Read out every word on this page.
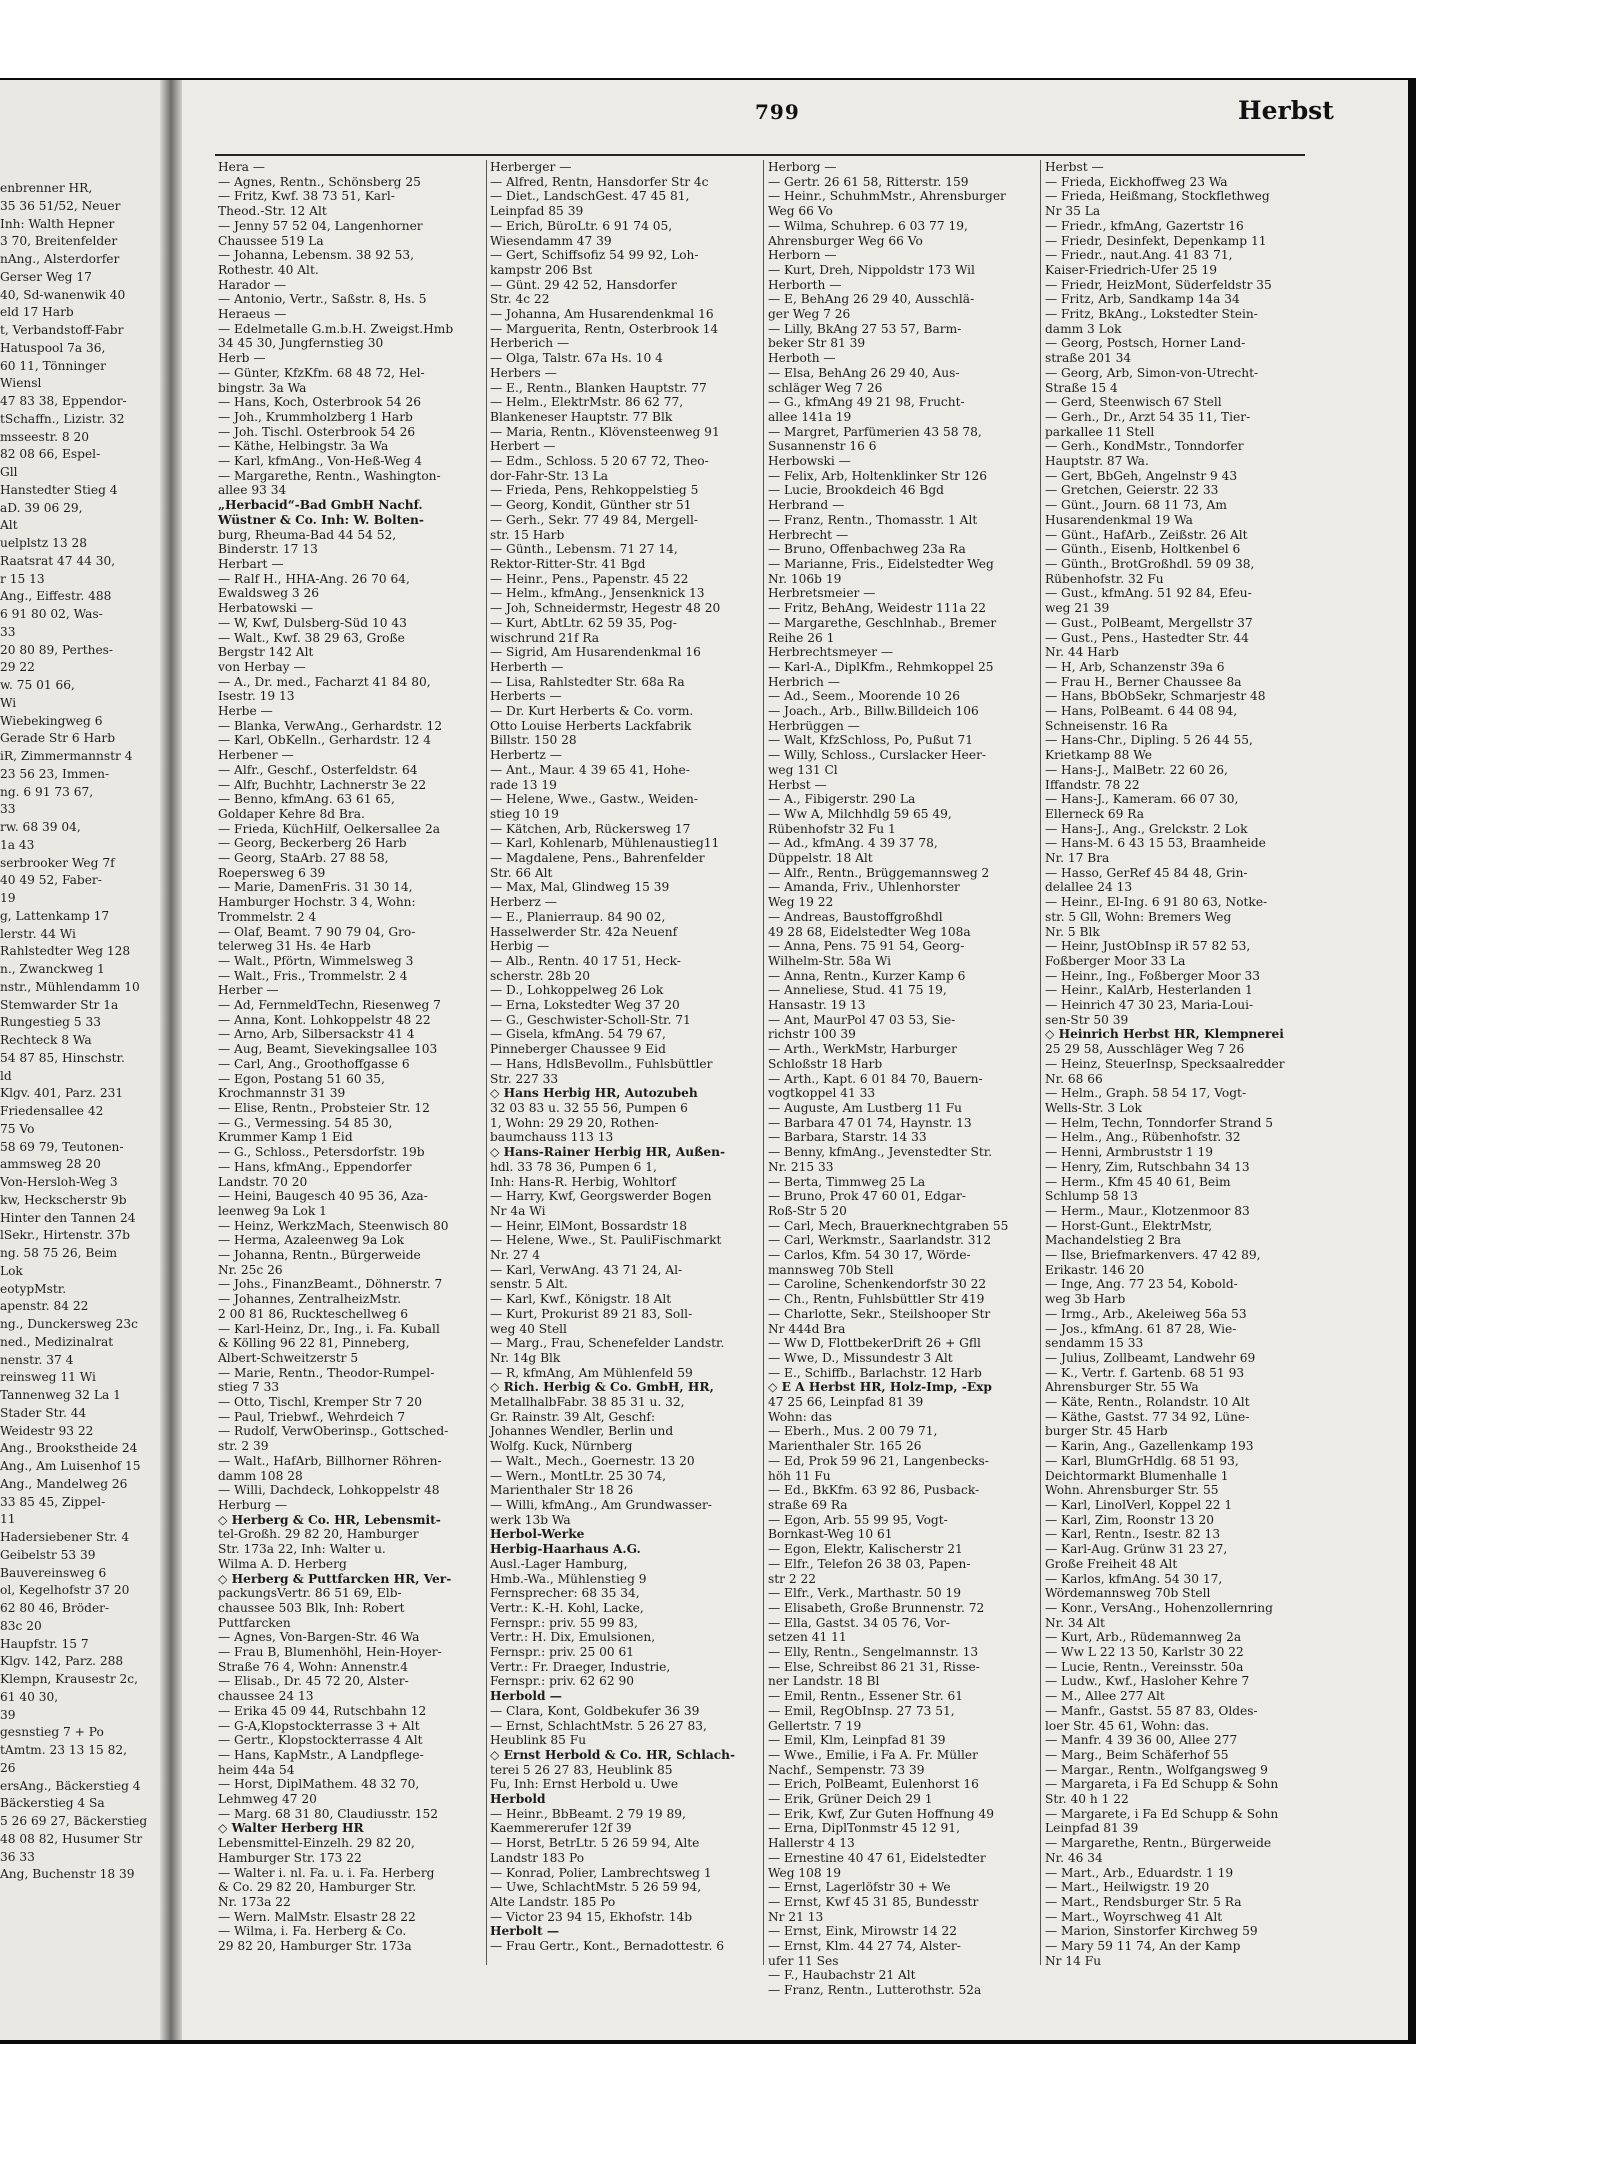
enbrenner HR,
35 36 51/52, Neuer
Inh: Walth Hepner
3 70, Breitenfelder
nAng., Alsterdorfer
Gerser Weg 17
40, Sd-wanenwik 40
eld 17 Harb
t, Verbandstoff-Fabr
Hatuspool 7a 36,
60 11, Tönninger
Wiensl
47 83 38, Eppendor-
tSchaffn., Lizistr. 32
msseestr. 8 20
82 08 66, Espel-
Gll
Hanstedter Stieg 4
aD. 39 06 29,
Alt
uelplstz 13 28
Raatsrat 47 44 30,
r 15 13
Ang., Eiffestr. 488
6 91 80 02, Was-
33
20 80 89, Perthes-
29 22
w. 75 01 66,
Wi
Wiebekingweg 6
Gerade Str 6 Harb
iR, Zimmermannstr 4
23 56 23, Immen-
ng. 6 91 73 67,
33
rw. 68 39 04,
1a 43
serbrooker Weg 7f
40 49 52, Faber-
19
g, Lattenkamp 17
lerstr. 44 Wi
Rahlstedter Weg 128
n., Zwanckweg 1
nstr., Mühlendamm 10
Stemwarder Str 1a
Rungestieg 5 33
Rechteck 8 Wa
54 87 85, Hinschstr.
ld
Klgv. 401, Parz. 231
Friedensallee 42
75 Vo
58 69 79, Teutonen-
ammsweg 28 20
Von-Hersloh-Weg 3
kw, Heckscherstr 9b
Hinter den Tannen 24
lSekr., Hirtenstr. 37b
ng. 58 75 26, Beim
Lok
eotypMstr.
apenstr. 84 22
ng., Dunckersweg 23c
ned., Medizinalrat
nenstr. 37 4
reinsweg 11 Wi
Tannenweg 32 La 1
Stader Str. 44
Weidestr 93 22
Ang., Brookstheide 24
Ang., Am Luisenhof 15
Ang., Mandelweg 26
33 85 45, Zippel-
11
Hadersiebener Str. 4
Geibelstr 53 39
Bauvereinsweg 6
ol, Kegelhofstr 37 20
62 80 46, Bröder-
83c 20
Haupfstr. 15 7
Klgv. 142, Parz. 288
Klempn, Krausestr 2c,
61 40 30,
39
gesnstieg 7 + Po
tAmtm. 23 13 15 82,
26
ersAng., Bäckerstieg 4
Bäckerstieg 4 Sa
5 26 69 27, Bäckerstieg
48 08 82, Husumer Str
36 33
Ang, Buchenstr 18 39
799	Herbst
Hera —
— Agnes, Rentn., Schönsberg 25
— Fritz, Kwf. 38 73 51, Karl-
Theod.-Str. 12 Alt
— Jenny 57 52 04, Langenhorner
Chaussee 519 La
— Johanna, Lebensm. 38 92 53,
Rothestr. 40 Alt.
Harador —
— Antonio, Vertr., Saßstr. 8, Hs. 5
Heraeus —
— Edelmetalle G.m.b.H. Zweigst.Hmb
34 45 30, Jungfernstieg 30
Herb —
— Günter, KfzKfm. 68 48 72, Hel-
bingstr. 3a Wa
— Hans, Koch, Osterbrook 54 26
— Joh., Krummholzberg 1 Harb
— Joh. Tischl. Osterbrook 54 26
— Käthe, Helbingstr. 3a Wa
— Karl, kfmAng., Von-Heß-Weg 4
— Margarethe, Rentn., Washington-
allee 93 34
„Herbacid“-Bad GmbH Nachf.
Wüstner & Co. Inh: W. Bolten-
burg, Rheuma-Bad 44 54 52,
Binderstr. 17 13
Herbart —
— Ralf H., HHA-Ang. 26 70 64,
Ewaldsweg 3 26
Herbatowski —
— W, Kwf, Dulsberg-Süd 10 43
— Walt., Kwf. 38 29 63, Große
Bergstr 142 Alt
von Herbay —
— A., Dr. med., Facharzt 41 84 80,
Isestr. 19 13
Herbe —
— Blanka, VerwAng., Gerhardstr. 12
— Karl, ObKelln., Gerhardstr. 12 4
Herbener —
— Alfr., Geschf., Osterfeldstr. 64
— Alfr, Buchhtr, Lachnerstr 3e 22
— Benno, kfmAng. 63 61 65,
Goldaper Kehre 8d Bra.
— Frieda, KüchHilf, Oelkersallee 2a
— Georg, Beckerberg 26 Harb
— Georg, StaArb. 27 88 58,
Roepersweg 6 39
— Marie, DamenFris. 31 30 14,
Hamburger Hochstr. 3 4, Wohn:
Trommelstr. 2 4
— Olaf, Beamt. 7 90 79 04, Gro-
telerweg 31 Hs. 4e Harb
— Walt., Pförtn, Wimmelsweg 3
— Walt., Fris., Trommelstr. 2 4
Herber —
— Ad, FernmeldTechn, Riesenweg 7
— Anna, Kont. Lohkoppelstr 48 22
— Arno, Arb, Silbersackstr 41 4
— Aug, Beamt, Sievekingsallee 103
— Carl, Ang., Groothoffgasse 6
— Egon, Postang 51 60 35,
Krochmannstr 31 39
— Elise, Rentn., Probsteier Str. 12
— G., Vermessing. 54 85 30,
Krummer Kamp 1 Eid
— G., Schloss., Petersdorfstr. 19b
— Hans, kfmAng., Eppendorfer
Landstr. 70 20
— Heini, Baugesch 40 95 36, Aza-
leenweg 9a Lok 1
— Heinz, WerkzMach, Steenwisch 80
— Herma, Azaleenweg 9a Lok
— Johanna, Rentn., Bürgerweide
Nr. 25c 26
— Johs., FinanzBeamt., Döhnerstr. 7
— Johannes, ZentralheizMstr.
2 00 81 86, Ruckteschellweg 6
— Karl-Heinz, Dr., Ing., i. Fa. Kuball
& Kölling 96 22 81, Pinneberg,
Albert-Schweitzerstr 5
— Marie, Rentn., Theodor-Rumpel-
stieg 7 33
— Otto, Tischl, Kremper Str 7 20
— Paul, Triebwf., Wehrdeich 7
— Rudolf, VerwOberinsp., Gottsched-
str. 2 39
— Walt., HafArb, Billhorner Röhren-
damm 108 28
— Willi, Dachdeck, Lohkoppelstr 48
Herburg —
◇ Herberg & Co. HR, Lebensmit-
tel-Großh. 29 82 20, Hamburger
Str. 173a 22, Inh: Walter u.
Wilma A. D. Herberg
◇ Herberg & Puttfarcken HR, Ver-
packungsVertr. 86 51 69, Elb-
chaussee 503 Blk, Inh: Robert
Puttfarcken
— Agnes, Von-Bargen-Str. 46 Wa
— Frau B, Blumenhöhl, Hein-Hoyer-
Straße 76 4, Wohn: Annenstr.4
— Elisab., Dr. 45 72 20, Alster-
chaussee 24 13
— Erika 45 09 44, Rutschbahn 12
— G-A,Klopstockterrasse 3 + Alt
— Gertr., Klopstockterrasse 4 Alt
— Hans, KapMstr., A Landpflege-
heim 44a 54
— Horst, DiplMathem. 48 32 70,
Lehmweg 47 20
— Marg. 68 31 80, Claudiusstr. 152
◇ Walter Herberg HR
Lebensmittel-Einzelh. 29 82 20,
Hamburger Str. 173 22
— Walter i. nl. Fa. u. i. Fa. Herberg
& Co. 29 82 20, Hamburger Str.
Nr. 173a 22
— Wern. MalMstr. Elsastr 28 22
— Wilma, i. Fa. Herberg & Co.
29 82 20, Hamburger Str. 173a
Herberger —
— Alfred, Rentn, Hansdorfer Str 4c
— Diet., LandschGest. 47 45 81,
Leinpfad 85 39
— Erich, BüroLtr. 6 91 74 05,
Wiesendamm 47 39
— Gert, Schiffsofiz 54 99 92, Loh-
kampstr 206 Bst
— Günt. 29 42 52, Hansdorfer
Str. 4c 22
— Johanna, Am Husarendenkmal 16
— Marguerita, Rentn, Osterbrook 14
Herberich —
— Olga, Talstr. 67a Hs. 10 4
Herbers —
— E., Rentn., Blanken Hauptstr. 77
— Helm., ElektrMstr. 86 62 77,
Blankeneser Hauptstr. 77 Blk
— Maria, Rentn., Klövensteenweg 91
Herbert —
— Edm., Schloss. 5 20 67 72, Theo-
dor-Fahr-Str. 13 La
— Frieda, Pens, Rehkoppelstieg 5
— Georg, Kondit, Günther str 51
— Gerh., Sekr. 77 49 84, Mergell-
str. 15 Harb
— Günth., Lebensm. 71 27 14,
Rektor-Ritter-Str. 41 Bgd
— Heinr., Pens., Papenstr. 45 22
— Helm., kfmAng., Jensenknick 13
— Joh, Schneidermstr, Hegestr 48 20
— Kurt, AbtLtr. 62 59 35, Pog-
wischrund 21f Ra
— Sigrid, Am Husarendenkmal 16
Herberth —
— Lisa, Rahlstedter Str. 68a Ra
Herberts —
— Dr. Kurt Herberts & Co. vorm.
Otto Louise Herberts Lackfabrik
Billstr. 150 28
Herbertz —
— Ant., Maur. 4 39 65 41, Hohe-
rade 13 19
— Helene, Wwe., Gastw., Weiden-
stieg 10 19
— Kätchen, Arb, Rückersweg 17
— Karl, Kohlenarb, Mühlenaustieg11
— Magdalene, Pens., Bahrenfelder
Str. 66 Alt
— Max, Mal, Glindweg 15 39
Herberz —
— E., Planierraup. 84 90 02,
Hasselwerder Str. 42a Neuenf
Herbig —
— Alb., Rentn. 40 17 51, Heck-
scherstr. 28b 20
— D., Lohkoppelweg 26 Lok
— Erna, Lokstedter Weg 37 20
— G., Geschwister-Scholl-Str. 71
— Gisela, kfmAng. 54 79 67,
Pinneberger Chaussee 9 Eid
— Hans, HdlsBevollm., Fuhlsbüttler
Str. 227 33
◇ Hans Herbig HR, Autozubeh
32 03 83 u. 32 55 56, Pumpen 6
1, Wohn: 29 29 20, Rothen-
baumchauss 113 13
◇ Hans-Rainer Herbig HR, Außen-
hdl. 33 78 36, Pumpen 6 1,
Inh: Hans-R. Herbig, Wohltorf
— Harry, Kwf, Georgswerder Bogen
Nr 4a Wi
— Heinr, ElMont, Bossardstr 18
— Helene, Wwe., St. PauliFischmarkt
Nr. 27 4
— Karl, VerwAng. 43 71 24, Al-
senstr. 5 Alt.
— Karl, Kwf., Königstr. 18 Alt
— Kurt, Prokurist 89 21 83, Soll-
weg 40 Stell
— Marg., Frau, Schenefelder Landstr.
Nr. 14g Blk
— R, kfmAng, Am Mühlenfeld 59
◇ Rich. Herbig & Co. GmbH, HR,
MetallhalbFabr. 38 85 31 u. 32,
Gr. Rainstr. 39 Alt, Geschf:
Johannes Wendler, Berlin und
Wolfg. Kuck, Nürnberg
— Walt., Mech., Goernestr. 13 20
— Wern., MontLtr. 25 30 74,
Marienthaler Str 18 26
— Willi, kfmAng., Am Grundwasser-
werk 13b Wa
Herbol-Werke
Herbig-Haarhaus A.G.
Ausl.-Lager Hamburg,
Hmb.-Wa., Mühlenstieg 9
Fernsprecher: 68 35 34,
Vertr.: K.-H. Kohl, Lacke,
Fernspr.: priv. 55 99 83,
Vertr.: H. Dix, Emulsionen,
Fernspr.: priv. 25 00 61
Vertr.: Fr. Draeger, Industrie,
Fernspr.: priv. 62 62 90
Herbold —
— Clara, Kont, Goldbekufer 36 39
— Ernst, SchlachtMstr. 5 26 27 83,
Heublink 85 Fu
◇ Ernst Herbold & Co. HR, Schlach-
terei 5 26 27 83, Heublink 85
Fu, Inh: Ernst Herbold u. Uwe
Herbold
— Heinr., BbBeamt. 2 79 19 89,
Kaemmererufer 12f 39
— Horst, BetrLtr. 5 26 59 94, Alte
Landstr 183 Po
— Konrad, Polier, Lambrechtsweg 1
— Uwe, SchlachtMstr. 5 26 59 94,
Alte Landstr. 185 Po
— Victor 23 94 15, Ekhofstr. 14b
Herbolt —
— Frau Gertr., Kont., Bernadottestr. 6
Herborg —
— Gertr. 26 61 58, Ritterstr. 159
— Heinr., SchuhmMstr., Ahrensburger
Weg 66 Vo
— Wilma, Schuhrep. 6 03 77 19,
Ahrensburger Weg 66 Vo
Herborn —
— Kurt, Dreh, Nippoldstr 173 Wil
Herborth —
— E, BehAng 26 29 40, Ausschlä-
ger Weg 7 26
— Lilly, BkAng 27 53 57, Barm-
beker Str 81 39
Herboth —
— Elsa, BehAng 26 29 40, Aus-
schläger Weg 7 26
— G., kfmAng 49 21 98, Frucht-
allee 141a 19
— Margret, Parfümerien 43 58 78,
Susannenstr 16 6
Herbowski —
— Felix, Arb, Holtenklinker Str 126
— Lucie, Brookdeich 46 Bgd
Herbrand —
— Franz, Rentn., Thomasstr. 1 Alt
Herbrecht —
— Bruno, Offenbachweg 23a Ra
— Marianne, Fris., Eidelstedter Weg
Nr. 106b 19
Herbretsmeier —
— Fritz, BehAng, Weidestr 111a 22
— Margarethe, Geschlnhab., Bremer
Reihe 26 1
Herbrechtsmeyer —
— Karl-A., DiplKfm., Rehmkoppel 25
Herbrich —
— Ad., Seem., Moorende 10 26
— Joach., Arb., Billw.Billdeich 106
Herbrüggen —
— Walt, KfzSchloss, Po, Pußut 71
— Willy, Schloss., Curslacker Heer-
weg 131 Cl
Herbst —
— A., Fibigerstr. 290 La
— Ww A, Milchhdlg 59 65 49,
Rübenhofstr 32 Fu 1
— Ad., kfmAng. 4 39 37 78,
Düppelstr. 18 Alt
— Alfr., Rentn., Brüggemannsweg 2
— Amanda, Friv., Uhlenhorster
Weg 19 22
— Andreas, Baustoffgroßhdl
49 28 68, Eidelstedter Weg 108a
— Anna, Pens. 75 91 54, Georg-
Wilhelm-Str. 58a Wi
— Anna, Rentn., Kurzer Kamp 6
— Anneliese, Stud. 41 75 19,
Hansastr. 19 13
— Ant, MaurPol 47 03 53, Sie-
richstr 100 39
— Arth., WerkMstr, Harburger
Schloßstr 18 Harb
— Arth., Kapt. 6 01 84 70, Bauern-
vogtkoppel 41 33
— Auguste, Am Lustberg 11 Fu
— Barbara 47 01 74, Haynstr. 13
— Barbara, Starstr. 14 33
— Benny, kfmAng., Jevenstedter Str.
Nr. 215 33
— Berta, Timmweg 25 La
— Bruno, Prok 47 60 01, Edgar-
Roß-Str 5 20
— Carl, Mech, Brauerknechtgraben 55
— Carl, Werkmstr., Saarlandstr. 312
— Carlos, Kfm. 54 30 17, Wörde-
mannsweg 70b Stell
— Caroline, Schenkendorfstr 30 22
— Ch., Rentn, Fuhlsbüttler Str 419
— Charlotte, Sekr., Steilshooper Str
Nr 444d Bra
— Ww D, FlottbekerDrift 26 + Gfll
— Wwe, D., Missundestr 3 Alt
— E., Schiffb., Barlachstr. 12 Harb
◇ E A Herbst HR, Holz-Imp, -Exp
47 25 66, Leinpfad 81 39
Wohn: das
— Eberh., Mus. 2 00 79 71,
Marienthaler Str. 165 26
— Ed, Prok 59 96 21, Langenbecks-
höh 11 Fu
— Ed., BkKfm. 63 92 86, Pusback-
straße 69 Ra
— Egon, Arb. 55 99 95, Vogt-
Bornkast-Weg 10 61
— Egon, Elektr, Kalischerstr 21
— Elfr., Telefon 26 38 03, Papen-
str 2 22
— Elfr., Verk., Marthastr. 50 19
— Elisabeth, Große Brunnenstr. 72
— Ella, Gastst. 34 05 76, Vor-
setzen 41 11
— Elly, Rentn., Sengelmannstr. 13
— Else, Schreibst 86 21 31, Risse-
ner Landstr. 18 Bl
— Emil, Rentn., Essener Str. 61
— Emil, RegObInsp. 27 73 51,
Gellertstr. 7 19
— Emil, Klm, Leinpfad 81 39
— Wwe., Emilie, i Fa A. Fr. Müller
Nachf., Sempenstr. 73 39
— Erich, PolBeamt, Eulenhorst 16
— Erik, Grüner Deich 29 1
— Erik, Kwf, Zur Guten Hoffnung 49
— Erna, DiplTonmstr 45 12 91,
Hallerstr 4 13
— Ernestine 40 47 61, Eidelstedter
Weg 108 19
— Ernst, Lagerlöfstr 30 + We
— Ernst, Kwf 45 31 85, Bundesstr
Nr 21 13
— Ernst, Eink, Mirowstr 14 22
— Ernst, Klm. 44 27 74, Alster-
ufer 11 Ses
— F., Haubachstr 21 Alt
— Franz, Rentn., Lutterothstr. 52a
Herbst —
— Frieda, Eickhoffweg 23 Wa
— Frieda, Heißmang, Stockflethweg
Nr 35 La
— Friedr., kfmAng, Gazertstr 16
— Friedr, Desinfekt, Depenkamp 11
— Friedr., naut.Ang. 41 83 71,
Kaiser-Friedrich-Ufer 25 19
— Friedr, HeizMont, Süderfeldstr 35
— Fritz, Arb, Sandkamp 14a 34
— Fritz, BkAng., Lokstedter Stein-
damm 3 Lok
— Georg, Postsch, Horner Land-
straße 201 34
— Georg, Arb, Simon-von-Utrecht-
Straße 15 4
— Gerd, Steenwisch 67 Stell
— Gerh., Dr., Arzt 54 35 11, Tier-
parkallee 11 Stell
— Gerh., KondMstr., Tonndorfer
Hauptstr. 87 Wa.
— Gert, BbGeh, Angelnstr 9 43
— Gretchen, Geierstr. 22 33
— Günt., Journ. 68 11 73, Am
Husarendenkmal 19 Wa
— Günt., HafArb., Zeißstr. 26 Alt
— Günth., Eisenb, Holtkenbel 6
— Günth., BrotGroßhdl. 59 09 38,
Rübenhofstr. 32 Fu
— Gust., kfmAng. 51 92 84, Efeu-
weg 21 39
— Gust., PolBeamt, Mergellstr 37
— Gust., Pens., Hastedter Str. 44
Nr. 44 Harb
— H, Arb, Schanzenstr 39a 6
— Frau H., Berner Chaussee 8a
— Hans, BbObSekr, Schmarjestr 48
— Hans, PolBeamt. 6 44 08 94,
Schneisenstr. 16 Ra
— Hans-Chr., Dipling. 5 26 44 55,
Krietkamp 88 We
— Hans-J., MalBetr. 22 60 26,
Iffandstr. 78 22
— Hans-J., Kameram. 66 07 30,
Ellerneck 69 Ra
— Hans-J., Ang., Grelckstr. 2 Lok
— Hans-M. 6 43 15 53, Braamheide
Nr. 17 Bra
— Hasso, GerRef 45 84 48, Grin-
delallee 24 13
— Heinr., El-Ing. 6 91 80 63, Notke-
str. 5 Gll, Wohn: Bremers Weg
Nr. 5 Blk
— Heinr, JustObInsp iR 57 82 53,
Foßberger Moor 33 La
— Heinr., Ing., Foßberger Moor 33
— Heinr., KalArb, Hesterlanden 1
— Heinrich 47 30 23, Maria-Loui-
sen-Str 50 39
◇ Heinrich Herbst HR, Klempnerei
25 29 58, Ausschläger Weg 7 26
— Heinz, SteuerInsp, Specksaalredder
Nr. 68 66
— Helm., Graph. 58 54 17, Vogt-
Wells-Str. 3 Lok
— Helm, Techn, Tonndorfer Strand 5
— Helm., Ang., Rübenhofstr. 32
— Henni, Armbruststr 1 19
— Henry, Zim, Rutschbahn 34 13
— Herm., Kfm 45 40 61, Beim
Schlump 58 13
— Herm., Maur., Klotzenmoor 83
— Horst-Gunt., ElektrMstr,
Machandelstieg 2 Bra
— Ilse, Briefmarkenvers. 47 42 89,
Erikastr. 146 20
— Inge, Ang. 77 23 54, Kobold-
weg 3b Harb
— Irmg., Arb., Akeleiweg 56a 53
— Jos., kfmAng. 61 87 28, Wie-
sendamm 15 33
— Julius, Zollbeamt, Landwehr 69
— K., Vertr. f. Gartenb. 68 51 93
Ahrensburger Str. 55 Wa
— Käte, Rentn., Rolandstr. 10 Alt
— Käthe, Gastst. 77 34 92, Lüne-
burger Str. 45 Harb
— Karin, Ang., Gazellenkamp 193
— Karl, BlumGrHdlg. 68 51 93,
Deichtormarkt Blumenhalle 1
Wohn. Ahrensburger Str. 55
— Karl, LinolVerl, Koppel 22 1
— Karl, Zim, Roonstr 13 20
— Karl, Rentn., Isestr. 82 13
— Karl-Aug. Grünw 31 23 27,
Große Freiheit 48 Alt
— Karlos, kfmAng. 54 30 17,
Wördemannsweg 70b Stell
— Konr., VersAng., Hohenzollernring
Nr. 34 Alt
— Kurt, Arb., Rüdemannweg 2a
— Ww L 22 13 50, Karlstr 30 22
— Lucie, Rentn., Vereinsstr. 50a
— Ludw., Kwf., Hasloher Kehre 7
— M., Allee 277 Alt
— Manfr., Gastst. 55 87 83, Oldes-
loer Str. 45 61, Wohn: das.
— Manfr. 4 39 36 00, Allee 277
— Marg., Beim Schäferhof 55
— Margar., Rentn., Wolfgangsweg 9
— Margareta, i Fa Ed Schupp & Sohn
Str. 40 h 1 22
— Margarete, i Fa Ed Schupp & Sohn
Leinpfad 81 39
— Margarethe, Rentn., Bürgerweide
Nr. 46 34
— Mart., Arb., Eduardstr. 1 19
— Mart., Heilwigstr. 19 20
— Mart., Rendsburger Str. 5 Ra
— Mart., Woyrschweg 41 Alt
— Marion, Sinstorfer Kirchweg 59
— Mary 59 11 74, An der Kamp
Nr 14 Fu
